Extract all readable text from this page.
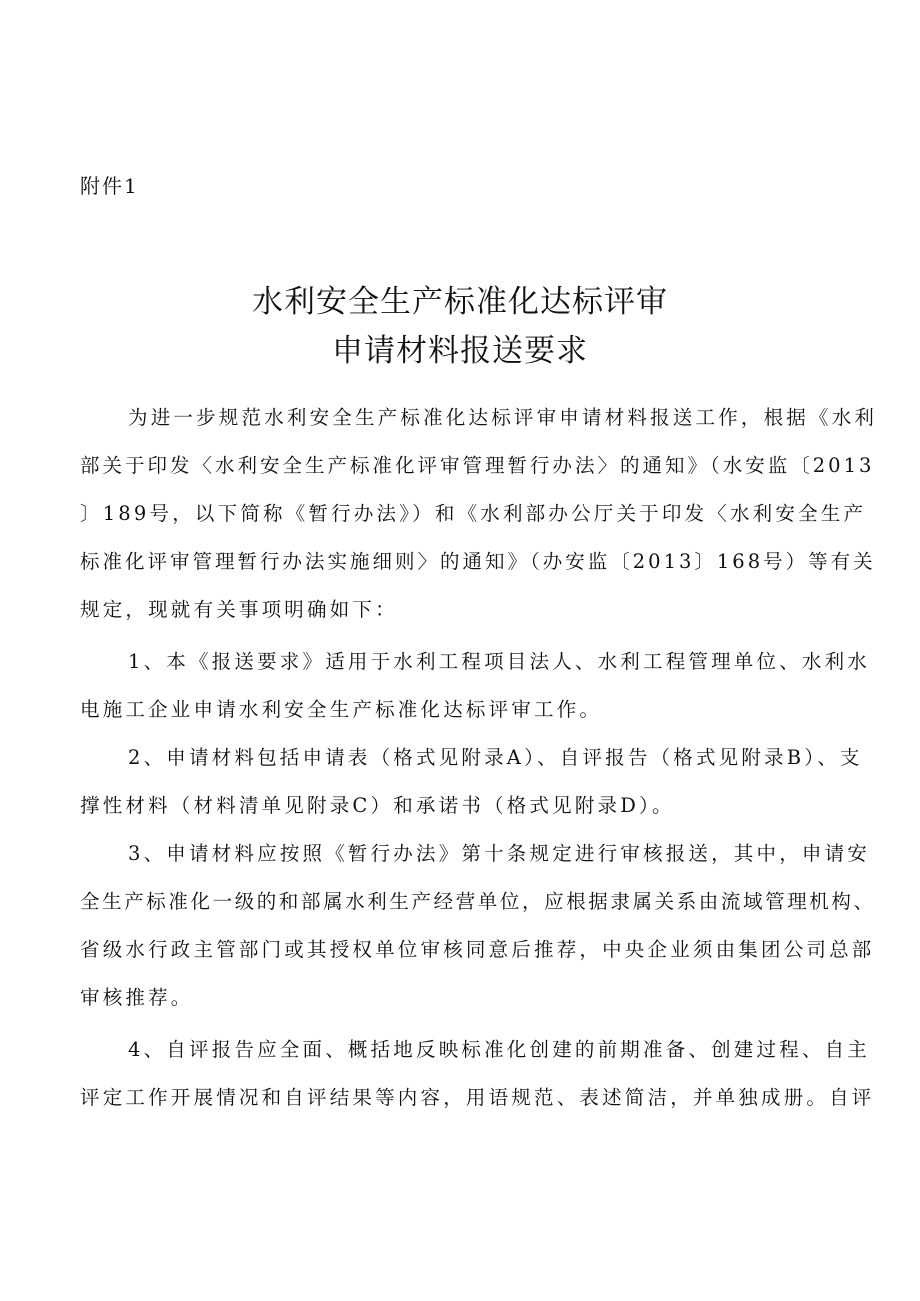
附件1
水利安全生产标准化达标评审
申请材料报送要求
为进一步规范水利安全生产标准化达标评审申请材料报送工作，根据《水利
部关于印发〈水利安全生产标准化评审管理暂行办法〉的通知》（水安监〔2013
〕189号，以下简称《暂行办法》）和《水利部办公厅关于印发〈水利安全生产
标准化评审管理暂行办法实施细则〉的通知》（办安监〔2013〕168号）等有关
规定，现就有关事项明确如下：
1、本《报送要求》适用于水利工程项目法人、水利工程管理单位、水利水
电施工企业申请水利安全生产标准化达标评审工作。
2、申请材料包括申请表（格式见附录A）、自评报告（格式见附录B）、支
撑性材料（材料清单见附录C）和承诺书（格式见附录D）。
3、申请材料应按照《暂行办法》第十条规定进行审核报送，其中，申请安
全生产标准化一级的和部属水利生产经营单位，应根据隶属关系由流域管理机构、
省级水行政主管部门或其授权单位审核同意后推荐，中央企业须由集团公司总部
审核推荐。
4、自评报告应全面、概括地反映标准化创建的前期准备、创建过程、自主
评定工作开展情况和自评结果等内容，用语规范、表述简洁，并单独成册。自评
